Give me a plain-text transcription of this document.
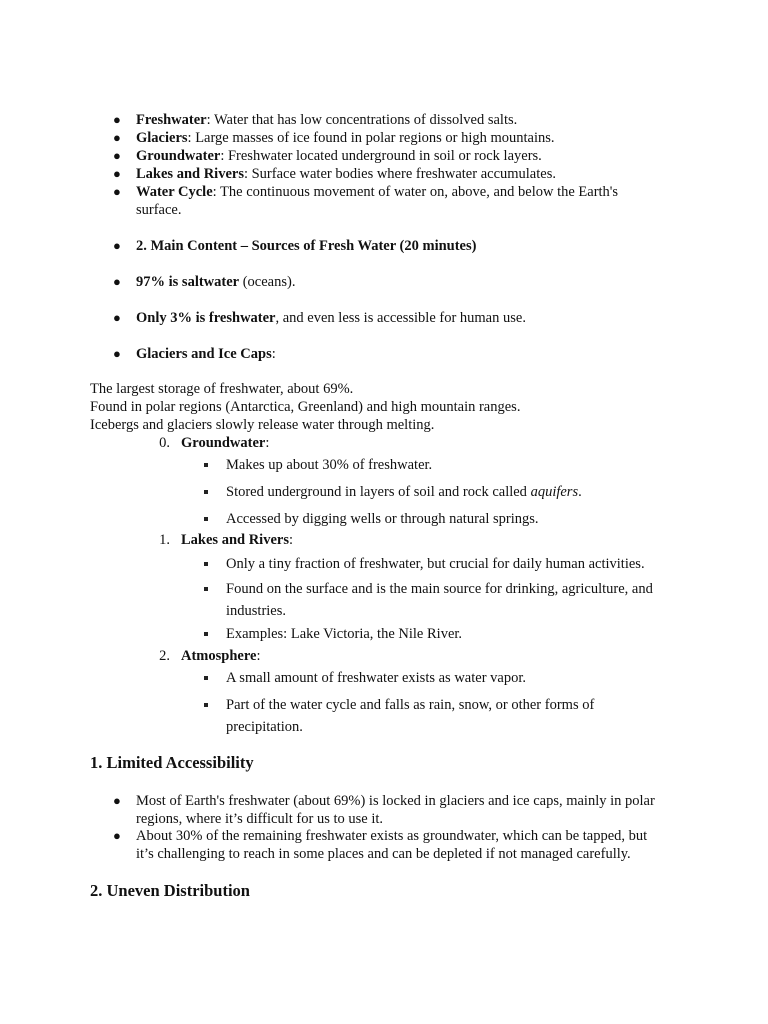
● Freshwater: Water that has low concentrations of dissolved salts.
● Glaciers: Large masses of ice found in polar regions or high mountains.
● Groundwater: Freshwater located underground in soil or rock layers.
● Lakes and Rivers: Surface water bodies where freshwater accumulates.
● Water Cycle: The continuous movement of water on, above, and below the Earth's
surface.
● 2. Main Content – Sources of Fresh Water (20 minutes)
● 97% is saltwater (oceans).
● Only 3% is freshwater, and even less is accessible for human use.
● Glaciers and Ice Caps:
The largest storage of freshwater, about 69%.
Found in polar regions (Antarctica, Greenland) and high mountain ranges.
Icebergs and glaciers slowly release water through melting.
0. Groundwater:
Makes up about 30% of freshwater.
Stored underground in layers of soil and rock called aquifers.
Accessed by digging wells or through natural springs.
1. Lakes and Rivers:
Only a tiny fraction of freshwater, but crucial for daily human activities.
Found on the surface and is the main source for drinking, agriculture, and
industries.
Examples: Lake Victoria, the Nile River.
2. Atmosphere:
A small amount of freshwater exists as water vapor.
Part of the water cycle and falls as rain, snow, or other forms of
precipitation.
1. Limited Accessibility
● Most of Earth's freshwater (about 69%) is locked in glaciers and ice caps, mainly in polar
regions, where it’s difficult for us to use it.
● About 30% of the remaining freshwater exists as groundwater, which can be tapped, but
it’s challenging to reach in some places and can be depleted if not managed carefully.
2. Uneven Distribution
